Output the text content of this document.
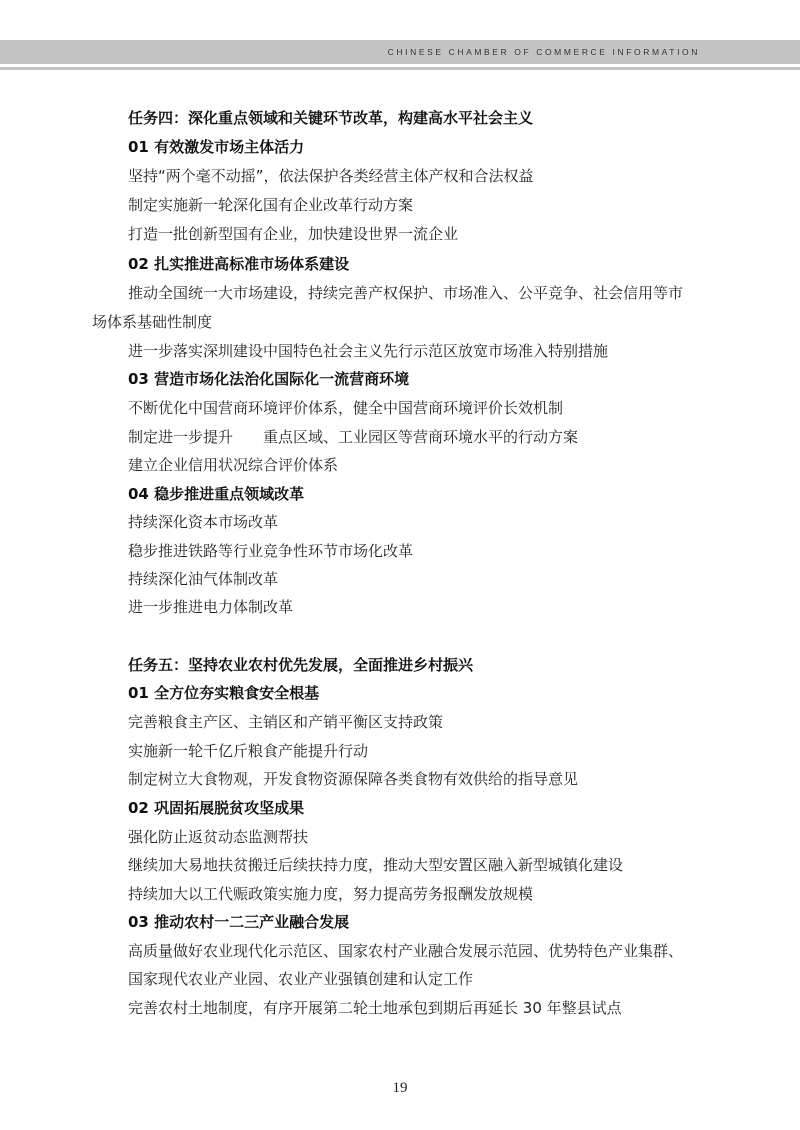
CHINESE CHAMBER OF COMMERCE INFORMATION
任务四：深化重点领域和关键环节改革，构建高水平社会主义
01 有效激发市场主体活力
坚持“两个毫不动摇”，依法保护各类经营主体产权和合法权益
制定实施新一轮深化国有企业改革行动方案
打造一批创新型国有企业，加快建设世界一流企业
02 扎实推进高标准市场体系建设
推动全国统一大市场建设，持续完善产权保护、市场准入、公平竞争、社会信用等市
场体系基础性制度
进一步落实深圳建设中国特色社会主义先行示范区放宽市场准入特别措施
03 营造市场化法治化国际化一流营商环境
不断优化中国营商环境评价体系，健全中国营商环境评价长效机制
制定进一步提升　　重点区域、工业园区等营商环境水平的行动方案
建立企业信用状况综合评价体系
04 稳步推进重点领域改革
持续深化资本市场改革
稳步推进铁路等行业竞争性环节市场化改革
持续深化油气体制改革
进一步推进电力体制改革
任务五：坚持农业农村优先发展，全面推进乡村振兴
01 全方位夯实粮食安全根基
完善粮食主产区、主销区和产销平衡区支持政策
实施新一轮千亿斤粮食产能提升行动
制定树立大食物观，开发食物资源保障各类食物有效供给的指导意见
02 巩固拓展脱贫攻坚成果
强化防止返贫动态监测帮扶
继续加大易地扶贫搬迁后续扶持力度，推动大型安置区融入新型城镇化建设
持续加大以工代赈政策实施力度，努力提高劳务报酬发放规模
03 推动农村一二三产业融合发展
高质量做好农业现代化示范区、国家农村产业融合发展示范园、优势特色产业集群、
国家现代农业产业园、农业产业强镇创建和认定工作
完善农村土地制度，有序开展第二轮土地承包到期后再延长 30 年整县试点
19
